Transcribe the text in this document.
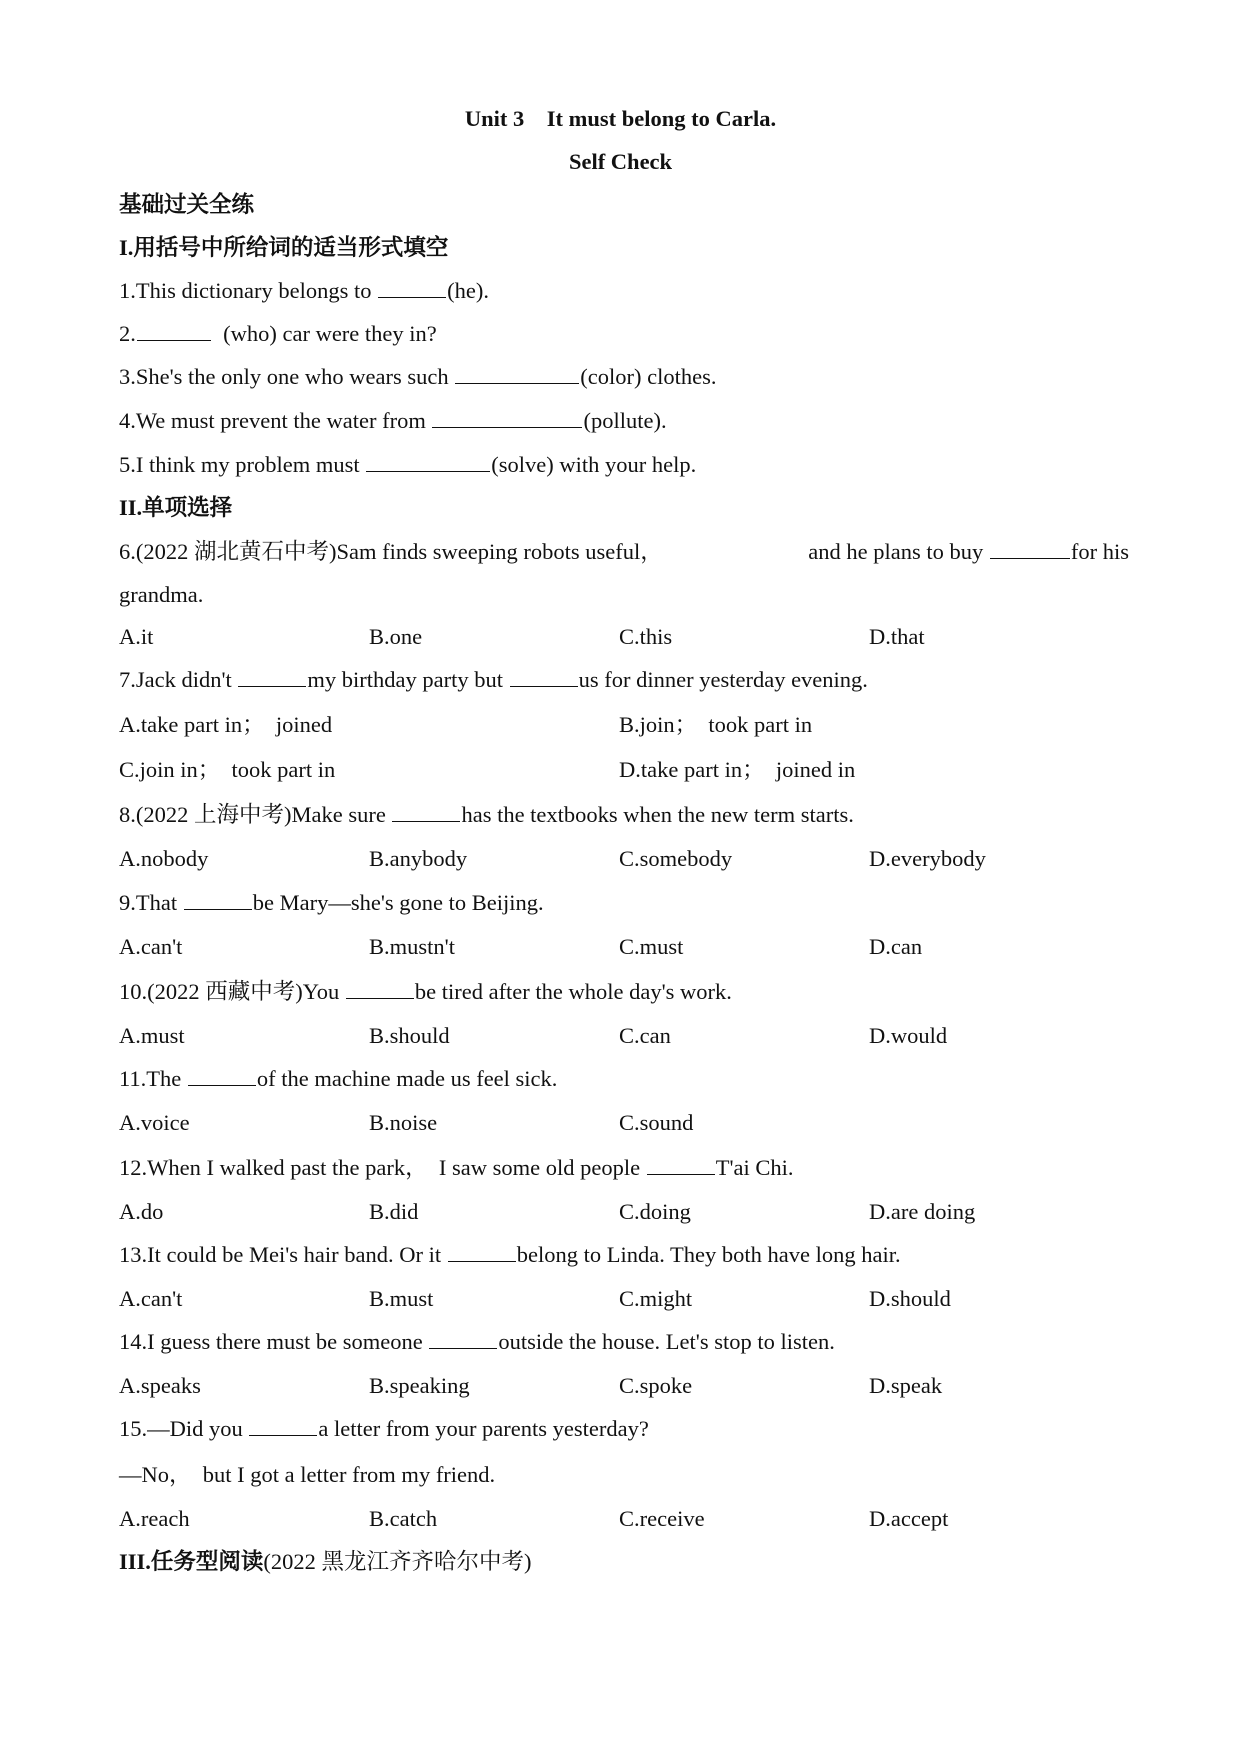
Unit 3　It must belong to Carla.
Self Check
基础过关全练
I.用括号中所给词的适当形式填空
1.This dictionary belongs to	(he).
2.	(who) car were they in?
3.She's the only one who wears such	(color) clothes.
4.We must prevent the water from	(pollute).
5.I think my problem must	(solve) with your help.
II.单项选择
6.(2022 湖北黄石中考)Sam finds sweeping robots useful，	and he plans to buy	for his
grandma.
A.it	B.one	C.this	D.that
7.Jack didn't	my birthday party but	us for dinner yesterday evening.
A.take part in；　joined	B.join；　took part in
C.join in；　took part in	D.take part in；　joined in
8.(2022 上海中考)Make sure	has the textbooks when the new term starts.
A.nobody	B.anybody	C.somebody	D.everybody
9.That	be Mary—she's gone to Beijing.
A.can't	B.mustn't	C.must	D.can
10.(2022 西藏中考)You	be tired after the whole day's work.
A.must	B.should	C.can	D.would
11.The	of the machine made us feel sick.
A.voice	B.noise	C.sound
12.When I walked past the park，　I saw some old people	T'ai Chi.
A.do	B.did	C.doing	D.are doing
13.It could be Mei's hair band. Or it	belong to Linda. They both have long hair.
A.can't	B.must	C.might	D.should
14.I guess there must be someone	outside the house. Let's stop to listen.
A.speaks	B.speaking	C.spoke	D.speak
15.—Did you	a letter from your parents yesterday?
—No，　but I got a letter from my friend.
A.reach	B.catch	C.receive	D.accept
III.任务型阅读(2022 黑龙江齐齐哈尔中考)
